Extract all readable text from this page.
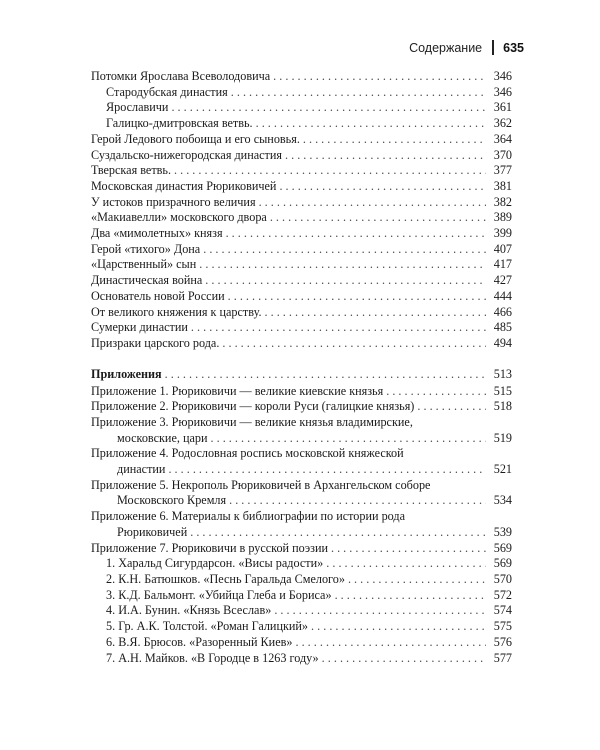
Содержание 635
Потомки Ярослава Всеволодовича . . .	346
Стародубская династия . . .	346
Ярославичи . . .	361
Галицко-дмитровская ветвь. . . .	362
Герой Ледового побоища и его сыновья. . . .	364
Суздальско-нижегородская династия . . .	370
Тверская ветвь. . . .	377
Московская династия Рюриковичей . . .	381
У истоков призрачного величия . . .	382
«Макиавелли» московского двора . . .	389
Два «мимолетных» князя . . .	399
Герой «тихого» Дона . . .	407
«Царственный» сын . . .	417
Династическая война . . .	427
Основатель новой России . . .	444
От великого княжения к царству. . . .	466
Сумерки династии . . .	485
Призраки царского рода. . . .	494
Приложения . . .	513
Приложение 1. Рюриковичи — великие киевские князья . . .	515
Приложение 2. Рюриковичи — короли Руси (галицкие князья) . . .	518
Приложение 3. Рюриковичи — великие князья владимирские,
московские, цари . . .	519
Приложение 4. Родословная роспись московской княжеской
династии . . .	521
Приложение 5. Некрополь Рюриковичей в Архангельском соборе
Московского Кремля . . .	534
Приложение 6. Материалы к библиографии по истории рода
Рюриковичей . . .	539
Приложение 7. Рюриковичи в русской поэзии . . .	569
1. Харальд Сигурдарсон. «Висы радости» . . .	569
2. К.Н. Батюшков. «Песнь Гаральда Смелого» . . .	570
3. К.Д. Бальмонт. «Убийца Глеба и Бориса» . . .	572
4. И.А. Бунин. «Князь Всеслав» . . .	574
5. Гр. А.К. Толстой. «Роман Галицкий» . . .	575
6. В.Я. Брюсов. «Разоренный Киев» . . .	576
7. А.Н. Майков. «В Городце в 1263 году» . . .	577
